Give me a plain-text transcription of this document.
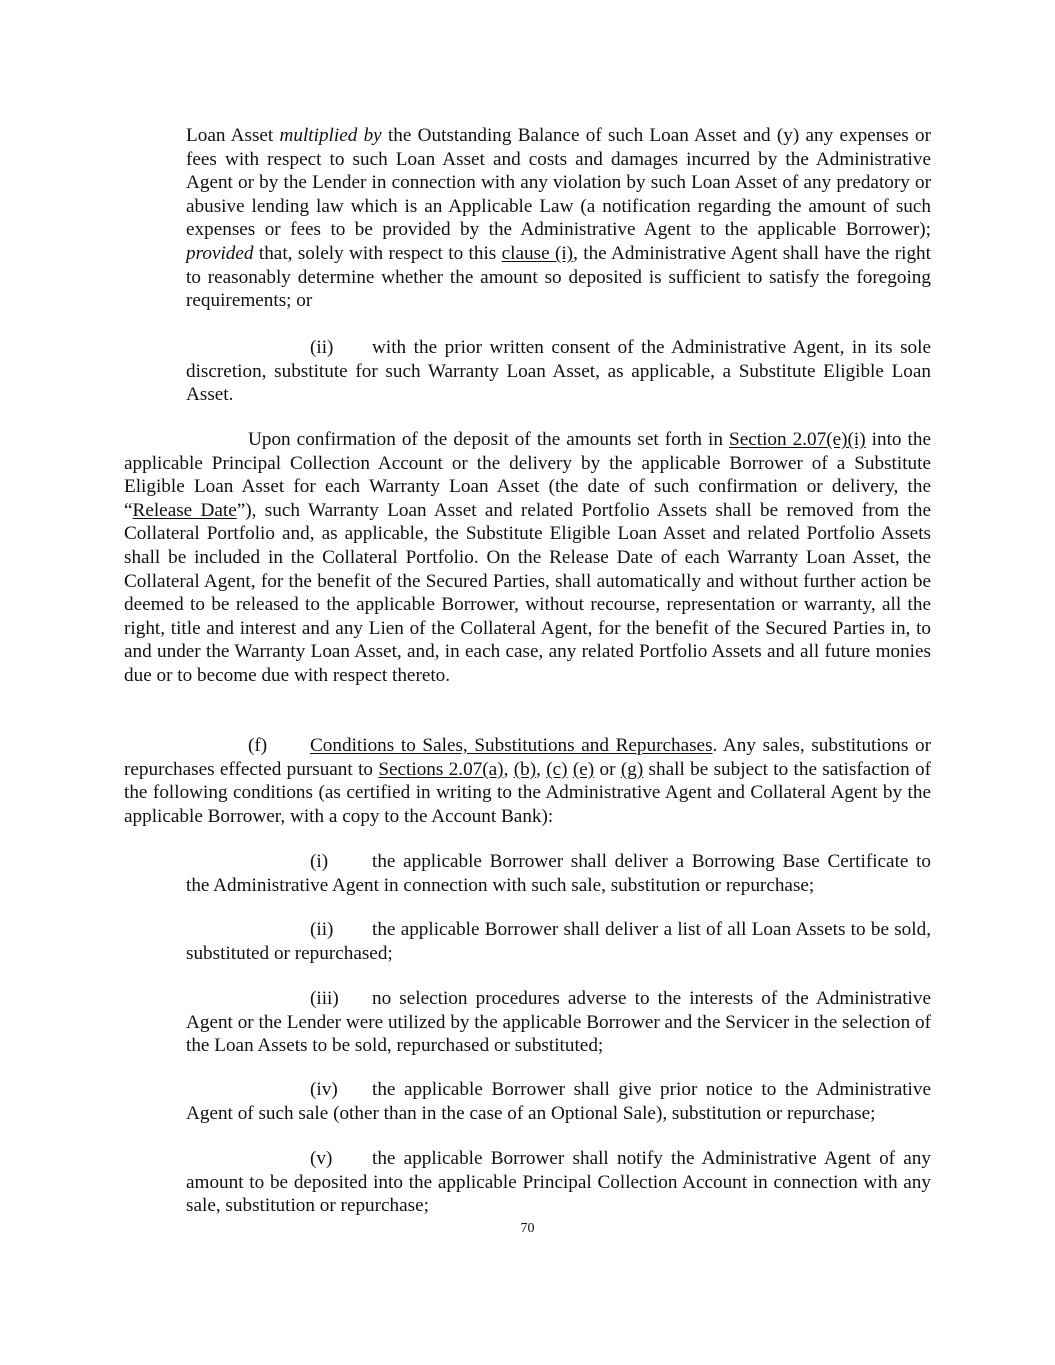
Loan Asset multiplied by the Outstanding Balance of such Loan Asset and (y) any expenses or fees with respect to such Loan Asset and costs and damages incurred by the Administrative Agent or by the Lender in connection with any violation by such Loan Asset of any predatory or abusive lending law which is an Applicable Law (a notification regarding the amount of such expenses or fees to be provided by the Administrative Agent to the applicable Borrower); provided that, solely with respect to this clause (i), the Administrative Agent shall have the right to reasonably determine whether the amount so deposited is sufficient to satisfy the foregoing requirements; or

(ii) with the prior written consent of the Administrative Agent, in its sole discretion, substitute for such Warranty Loan Asset, as applicable, a Substitute Eligible Loan Asset.

Upon confirmation of the deposit of the amounts set forth in Section 2.07(e)(i) into the applicable Principal Collection Account or the delivery by the applicable Borrower of a Substitute Eligible Loan Asset for each Warranty Loan Asset (the date of such confirmation or delivery, the “Release Date”), such Warranty Loan Asset and related Portfolio Assets shall be removed from the Collateral Portfolio and, as applicable, the Substitute Eligible Loan Asset and related Portfolio Assets shall be included in the Collateral Portfolio. On the Release Date of each Warranty Loan Asset, the Collateral Agent, for the benefit of the Secured Parties, shall automatically and without further action be deemed to be released to the applicable Borrower, without recourse, representation or warranty, all the right, title and interest and any Lien of the Collateral Agent, for the benefit of the Secured Parties in, to and under the Warranty Loan Asset, and, in each case, any related Portfolio Assets and all future monies due or to become due with respect thereto.

(f) Conditions to Sales, Substitutions and Repurchases. Any sales, substitutions or repurchases effected pursuant to Sections 2.07(a), (b), (c) (e) or (g) shall be subject to the satisfaction of the following conditions (as certified in writing to the Administrative Agent and Collateral Agent by the applicable Borrower, with a copy to the Account Bank):

(i) the applicable Borrower shall deliver a Borrowing Base Certificate to the Administrative Agent in connection with such sale, substitution or repurchase;

(ii) the applicable Borrower shall deliver a list of all Loan Assets to be sold, substituted or repurchased;

(iii) no selection procedures adverse to the interests of the Administrative Agent or the Lender were utilized by the applicable Borrower and the Servicer in the selection of the Loan Assets to be sold, repurchased or substituted;

(iv) the applicable Borrower shall give prior notice to the Administrative Agent of such sale (other than in the case of an Optional Sale), substitution or repurchase;

(v) the applicable Borrower shall notify the Administrative Agent of any amount to be deposited into the applicable Principal Collection Account in connection with any sale, substitution or repurchase;

70
